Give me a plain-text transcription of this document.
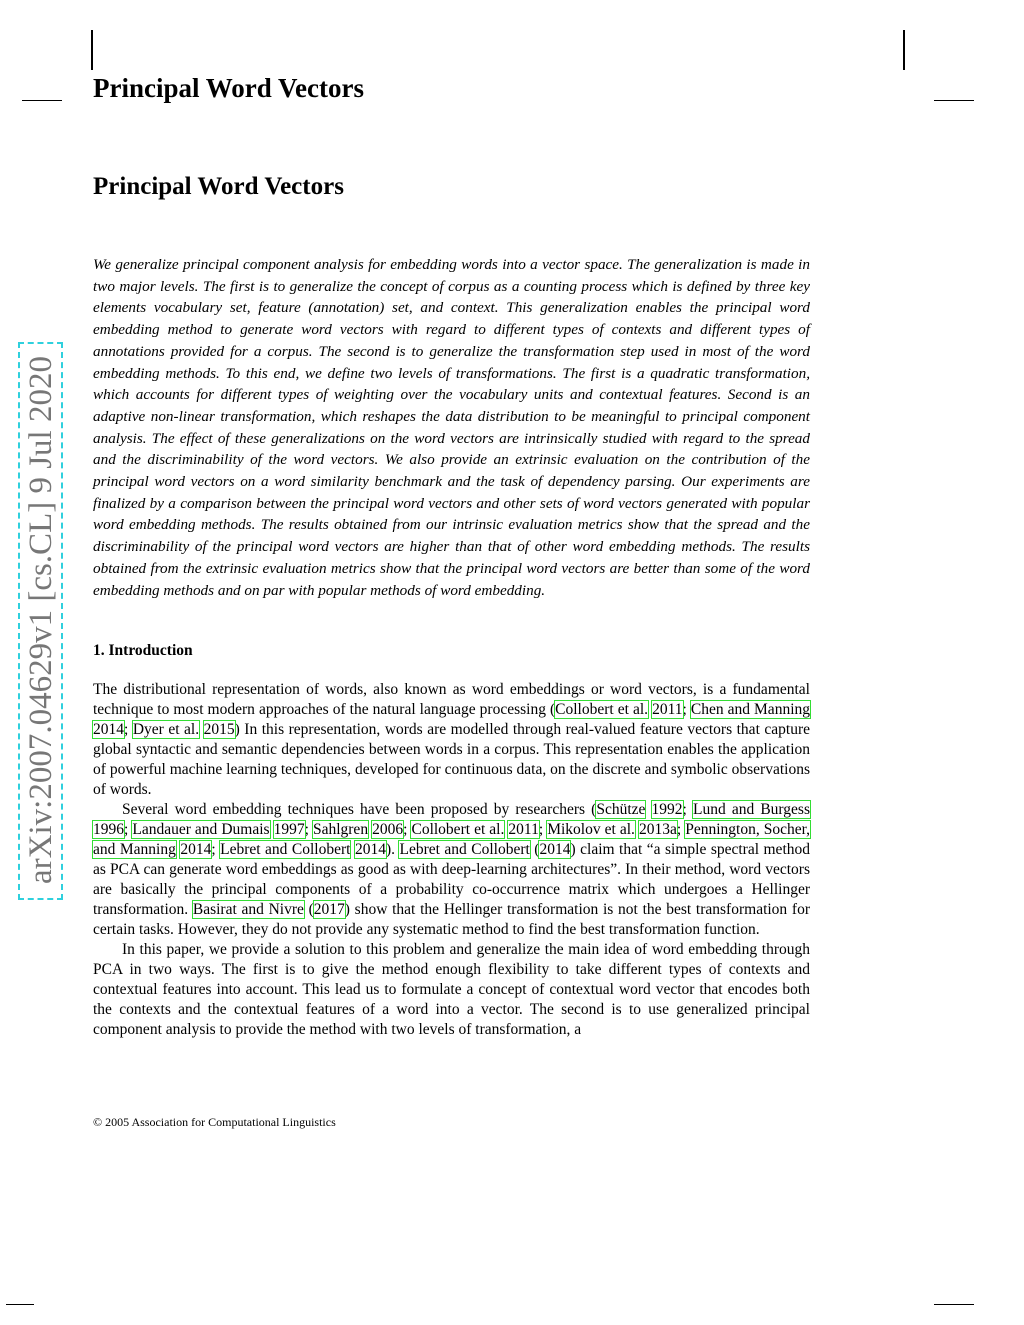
arXiv:2007.04629v1 [cs.CL] 9 Jul 2020
Principal Word Vectors
Principal Word Vectors

We generalize principal component analysis for embedding words into a vector space. The generalization is made in two major levels. The first is to generalize the concept of corpus as a counting process which is defined by three key elements vocabulary set, feature (annotation) set, and context. This generalization enables the principal word embedding method to generate word vectors with regard to different types of contexts and different types of annotations provided for a corpus. The second is to generalize the transformation step used in most of the word embedding methods. To this end, we define two levels of transformations. The first is a quadratic transformation, which accounts for different types of weighting over the vocabulary units and contextual features. Second is an adaptive non-linear transformation, which reshapes the data distribution to be meaningful to principal component analysis. The effect of these generalizations on the word vectors are intrinsically studied with regard to the spread and the discriminability of the word vectors. We also provide an extrinsic evaluation on the contribution of the principal word vectors on a word similarity benchmark and the task of dependency parsing. Our experiments are finalized by a comparison between the principal word vectors and other sets of word vectors generated with popular word embedding methods. The results obtained from our intrinsic evaluation metrics show that the spread and the discriminability of the principal word vectors are higher than that of other word embedding methods. The results obtained from the extrinsic evaluation metrics show that the principal word vectors are better than some of the word embedding methods and on par with popular methods of word embedding.

1. Introduction

The distributional representation of words, also known as word embeddings or word vectors, is a fundamental technique to most modern approaches of the natural language processing (Collobert et al. 2011; Chen and Manning 2014; Dyer et al. 2015) In this representation, words are modelled through real-valued feature vectors that capture global syntactic and semantic dependencies between words in a corpus. This representation enables the application of powerful machine learning techniques, developed for continuous data, on the discrete and symbolic observations of words.

Several word embedding techniques have been proposed by researchers (Schütze 1992; Lund and Burgess 1996; Landauer and Dumais 1997; Sahlgren 2006; Collobert et al. 2011; Mikolov et al. 2013a; Pennington, Socher, and Manning 2014; Lebret and Collobert 2014). Lebret and Collobert (2014) claim that “a simple spectral method as PCA can generate word embeddings as good as with deep-learning architectures”. In their method, word vectors are basically the principal components of a probability co-occurrence matrix which undergoes a Hellinger transformation. Basirat and Nivre (2017) show that the Hellinger transformation is not the best transformation for certain tasks. However, they do not provide any systematic method to find the best transformation function.

In this paper, we provide a solution to this problem and generalize the main idea of word embedding through PCA in two ways. The first is to give the method enough flexibility to take different types of contexts and contextual features into account. This lead us to formulate a concept of contextual word vector that encodes both the contexts and the contextual features of a word into a vector. The second is to use generalized principal component analysis to provide the method with two levels of transformation, a

© 2005 Association for Computational Linguistics
